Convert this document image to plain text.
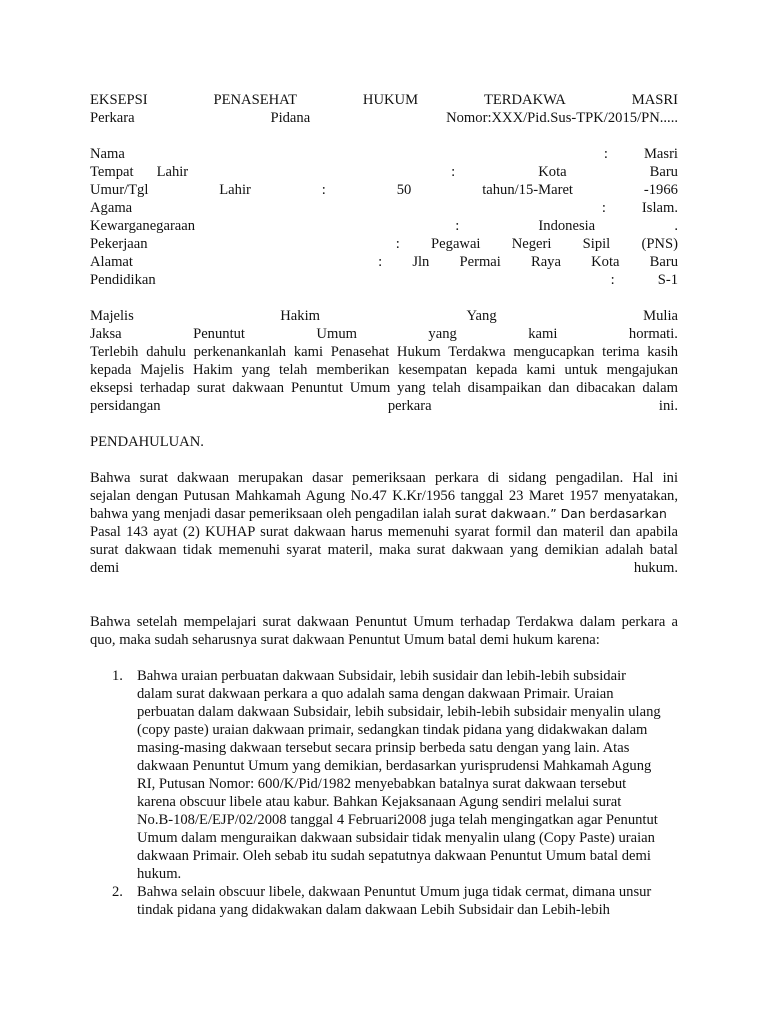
EKSEPSI	PENASEHAT	HUKUM	TERDAKWA	MASRI
Perkara	Pidana	Nomor:XXX/Pid.Sus-TPK/2015/PN.....
Nama	: Masri
Tempat Lahir	:	Kota	Baru
Umur/Tgl	Lahir	:	50	tahun/15-Maret	-1966
Agama	: Islam.
Kewarganegaraan	:	Indonesia	.
Pekerjaan	: Pegawai Negeri Sipil (PNS)
Alamat	: Jln Permai Raya Kota Baru
Pendidikan	:	S-1
Majelis	Hakim	Yang	Mulia
Jaksa	Penuntut	Umum	yang	kami	hormati.
Terlebih dahulu perkenankanlah kami Penasehat Hukum Terdakwa mengucapkan terima kasih
kepada Majelis Hakim yang telah memberikan kesempatan kepada kami untuk mengajukan
eksepsi terhadap surat dakwaan Penuntut Umum yang telah disampaikan dan dibacakan dalam
persidangan	perkara	ini.
PENDAHULUAN.
Bahwa surat dakwaan merupakan dasar pemeriksaan perkara di sidang pengadilan. Hal ini
sejalan dengan Putusan Mahkamah Agung No.47 K.Kr/1956 tanggal 23 Maret 1957 menyatakan,
bahwa yang menjadi dasar pemeriksaan oleh pengadilan ialah surat dakwaan.” Dan berdasarkan
Pasal 143 ayat (2) KUHAP surat dakwaan harus memenuhi syarat formil dan materil dan apabila
surat dakwaan tidak memenuhi syarat materil, maka surat dakwaan yang demikian adalah batal
demi	hukum.
Bahwa setelah mempelajari surat dakwaan Penuntut Umum terhadap Terdakwa dalam perkara a
quo, maka sudah seharusnya surat dakwaan Penuntut Umum batal demi hukum karena:
1. Bahwa uraian perbuatan dakwaan Subsidair, lebih susidair dan lebih-lebih subsidair
dalam surat dakwaan perkara a quo adalah sama dengan dakwaan Primair. Uraian
perbuatan dalam dakwaan Subsidair, lebih subsidair, lebih-lebih subsidair menyalin ulang
(copy paste) uraian dakwaan primair, sedangkan tindak pidana yang didakwakan dalam
masing-masing dakwaan tersebut secara prinsip berbeda satu dengan yang lain. Atas
dakwaan Penuntut Umum yang demikian, berdasarkan yurisprudensi Mahkamah Agung
RI, Putusan Nomor: 600/K/Pid/1982 menyebabkan batalnya surat dakwaan tersebut
karena obscuur libele atau kabur. Bahkan Kejaksanaan Agung sendiri melalui surat
No.B-108/E/EJP/02/2008 tanggal 4 Februari2008 juga telah mengingatkan agar Penuntut
Umum dalam menguraikan dakwaan subsidair tidak menyalin ulang (Copy Paste) uraian
dakwaan Primair. Oleh sebab itu sudah sepatutnya dakwaan Penuntut Umum batal demi
hukum.
2. Bahwa selain obscuur libele, dakwaan Penuntut Umum juga tidak cermat, dimana unsur
tindak pidana yang didakwakan dalam dakwaan Lebih Subsidair dan Lebih-lebih
